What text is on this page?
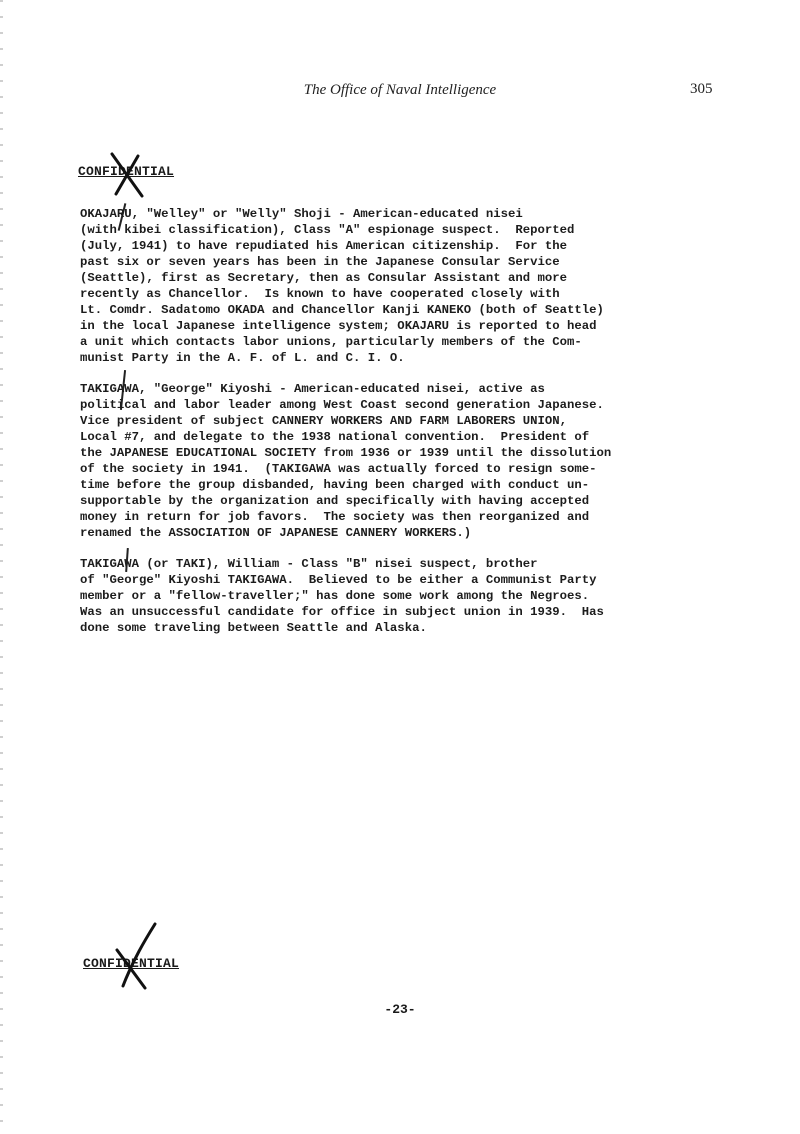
The Office of Naval Intelligence	305
CONFIDENTIAL
OKAJARU, "Welley" or "Welly" Shoji - American-educated nisei
(with kibei classification), Class "A" espionage suspect.  Reported
(July, 1941) to have repudiated his American citizenship.  For the
past six or seven years has been in the Japanese Consular Service
(Seattle), first as Secretary, then as Consular Assistant and more
recently as Chancellor.  Is known to have cooperated closely with
Lt. Comdr. Sadatomo OKADA and Chancellor Kanji KANEKO (both of Seattle)
in the local Japanese intelligence system; OKAJARU is reported to head
a unit which contacts labor unions, particularly members of the Com-
munist Party in the A. F. of L. and C. I. O.
TAKIGAWA, "George" Kiyoshi - American-educated nisei, active as
political and labor leader among West Coast second generation Japanese.
Vice president of subject CANNERY WORKERS AND FARM LABORERS UNION,
Local #7, and delegate to the 1938 national convention.  President of
the JAPANESE EDUCATIONAL SOCIETY from 1936 or 1939 until the dissolution
of the society in 1941.  (TAKIGAWA was actually forced to resign some-
time before the group disbanded, having been charged with conduct un-
supportable by the organization and specifically with having accepted
money in return for job favors.  The society was then reorganized and
renamed the ASSOCIATION OF JAPANESE CANNERY WORKERS.)
TAKIGAWA (or TAKI), William - Class "B" nisei suspect, brother
of "George" Kiyoshi TAKIGAWA.  Believed to be either a Communist Party
member or a "fellow-traveller;" has done some work among the Negroes.
Was an unsuccessful candidate for office in subject union in 1939.  Has
done some traveling between Seattle and Alaska.
CONFIDENTIAL
-23-
